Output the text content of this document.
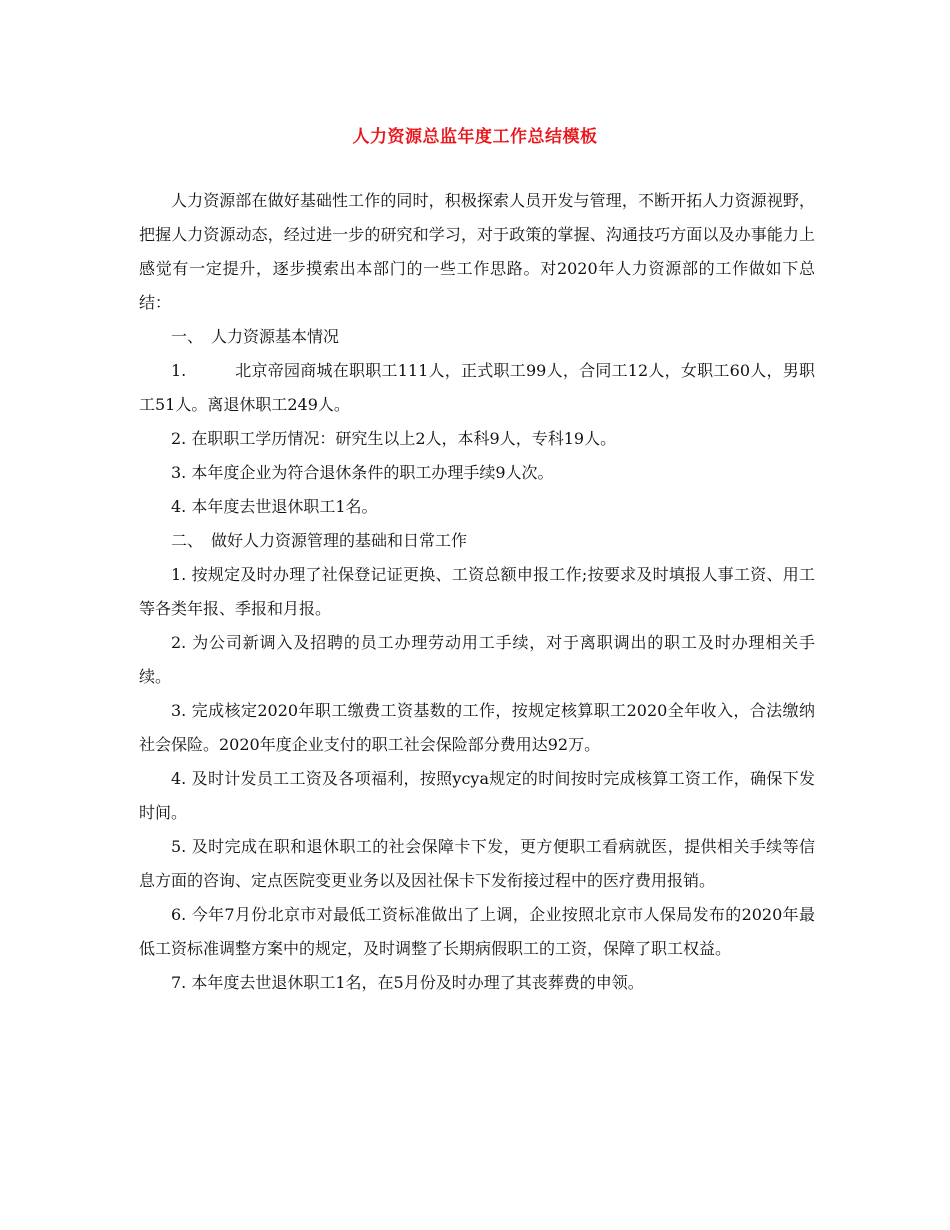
人力资源总监年度工作总结模板

人力资源部在做好基础性工作的同时，积极探索人员开发与管理，不断开拓人力资源视野，把握人力资源动态，经过进一步的研究和学习，对于政策的掌握、沟通技巧方面以及办事能力上感觉有一定提升，逐步摸索出本部门的一些工作思路。对2020年人力资源部的工作做如下总结：

一、　人力资源基本情况

1.　　　北京帝园商城在职职工111人，正式职工99人，合同工12人，女职工60人，男职工51人。离退休职工249人。

2. 在职职工学历情况：研究生以上2人，本科9人，专科19人。

3. 本年度企业为符合退休条件的职工办理手续9人次。

4. 本年度去世退休职工1名。

二、　做好人力资源管理的基础和日常工作

1. 按规定及时办理了社保登记证更换、工资总额申报工作;按要求及时填报人事工资、用工等各类年报、季报和月报。

2. 为公司新调入及招聘的员工办理劳动用工手续，对于离职调出的职工及时办理相关手续。

3. 完成核定2020年职工缴费工资基数的工作，按规定核算职工2020全年收入，合法缴纳社会保险。2020年度企业支付的职工社会保险部分费用达92万。

4. 及时计发员工工资及各项福利，按照ycya规定的时间按时完成核算工资工作，确保下发时间。

5. 及时完成在职和退休职工的社会保障卡下发，更方便职工看病就医，提供相关手续等信息方面的咨询、定点医院变更业务以及因社保卡下发衔接过程中的医疗费用报销。

6. 今年7月份北京市对最低工资标准做出了上调，企业按照北京市人保局发布的2020年最低工资标准调整方案中的规定，及时调整了长期病假职工的工资，保障了职工权益。

7. 本年度去世退休职工1名，在5月份及时办理了其丧葬费的申领。
